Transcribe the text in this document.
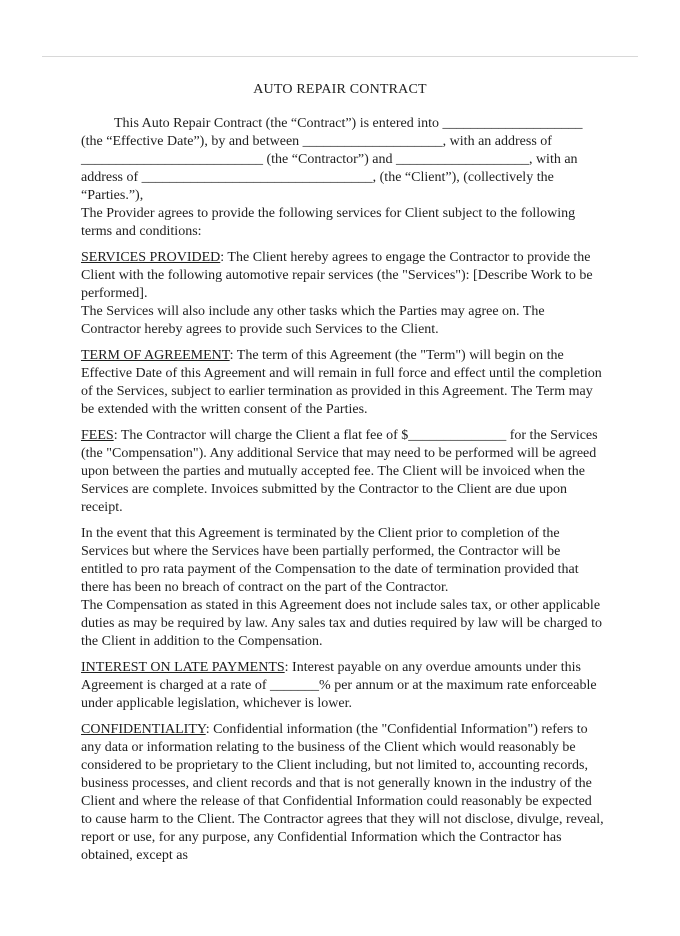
AUTO REPAIR CONTRACT

This Auto Repair Contract (the “Contract”) is entered into ____________________ (the “Effective Date”), by and between ____________________, with an address of __________________________ (the “Contractor”) and ___________________, with an address of _________________________________, (the “Client”), (collectively the “Parties.”),

The Provider agrees to provide the following services for Client subject to the following terms and conditions:

SERVICES PROVIDED: The Client hereby agrees to engage the Contractor to provide the Client with the following automotive repair services (the "Services"): [Describe Work to be performed].

The Services will also include any other tasks which the Parties may agree on. The Contractor hereby agrees to provide such Services to the Client.

TERM OF AGREEMENT: The term of this Agreement (the "Term") will begin on the Effective Date of this Agreement and will remain in full force and effect until the completion of the Services, subject to earlier termination as provided in this Agreement. The Term may be extended with the written consent of the Parties.

FEES: The Contractor will charge the Client a flat fee of $______________ for the Services (the "Compensation"). Any additional Service that may need to be performed will be agreed upon between the parties and mutually accepted fee. The Client will be invoiced when the Services are complete. Invoices submitted by the Contractor to the Client are due upon receipt.

In the event that this Agreement is terminated by the Client prior to completion of the Services but where the Services have been partially performed, the Contractor will be entitled to pro rata payment of the Compensation to the date of termination provided that there has been no breach of contract on the part of the Contractor.

The Compensation as stated in this Agreement does not include sales tax, or other applicable duties as may be required by law. Any sales tax and duties required by law will be charged to the Client in addition to the Compensation.

INTEREST ON LATE PAYMENTS: Interest payable on any overdue amounts under this Agreement is charged at a rate of _______% per annum or at the maximum rate enforceable under applicable legislation, whichever is lower.

CONFIDENTIALITY: Confidential information (the "Confidential Information") refers to any data or information relating to the business of the Client which would reasonably be considered to be proprietary to the Client including, but not limited to, accounting records, business processes, and client records and that is not generally known in the industry of the Client and where the release of that Confidential Information could reasonably be expected to cause harm to the Client. The Contractor agrees that they will not disclose, divulge, reveal, report or use, for any purpose, any Confidential Information which the Contractor has obtained, except as
